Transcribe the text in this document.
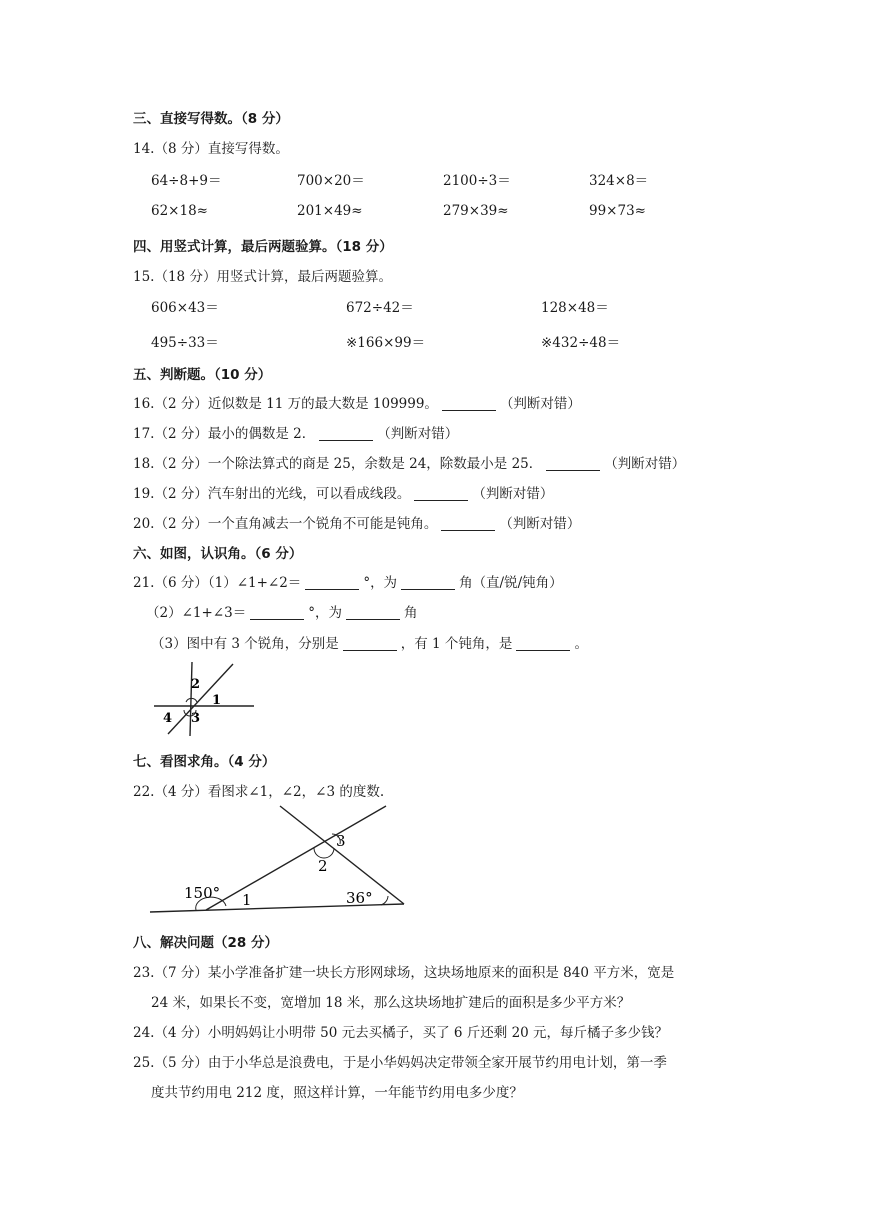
三、直接写得数。（8 分）
14.（8 分）直接写得数。
64÷8+9＝	700×20＝	2100÷3＝	324×8＝
62×18≈	201×49≈	279×39≈	99×73≈
四、用竖式计算，最后两题验算。（18 分）
15.（18 分）用竖式计算，最后两题验算。
606×43＝	672÷42＝	128×48＝
495÷33＝	※166×99＝	※432÷48＝
五、判断题。（10 分）
16.（2 分）近似数是 11 万的最大数是 109999。	（判断对错）
17.（2 分）最小的偶数是 2．	（判断对错）
18.（2 分）一个除法算式的商是 25，余数是 24，除数最小是 25．	（判断对错）
19.（2 分）汽车射出的光线，可以看成线段。	（判断对错）
20.（2 分）一个直角减去一个锐角不可能是钝角。	（判断对错）
六、如图，认识角。（6 分）
21.（6 分）（1）∠1+∠2＝	°，为	角（直/锐/钝角）
（2）∠1+∠3＝	°，为	角
（3）图中有 3 个锐角，分别是	，有 1 个钝角，是	。
2
1
4 3
七、看图求角。（4 分）
22.（4 分）看图求∠1，∠2，∠3 的度数.
3
2
150° 1	36°
八、解决问题（28 分）
23.（7 分）某小学准备扩建一块长方形网球场，这块场地原来的面积是 840 平方米，宽是
24 米，如果长不变，宽增加 18 米，那么这块场地扩建后的面积是多少平方米？
24.（4 分）小明妈妈让小明带 50 元去买橘子，买了 6 斤还剩 20 元，每斤橘子多少钱？
25.（5 分）由于小华总是浪费电，于是小华妈妈决定带领全家开展节约用电计划，第一季
度共节约用电 212 度，照这样计算，一年能节约用电多少度？
